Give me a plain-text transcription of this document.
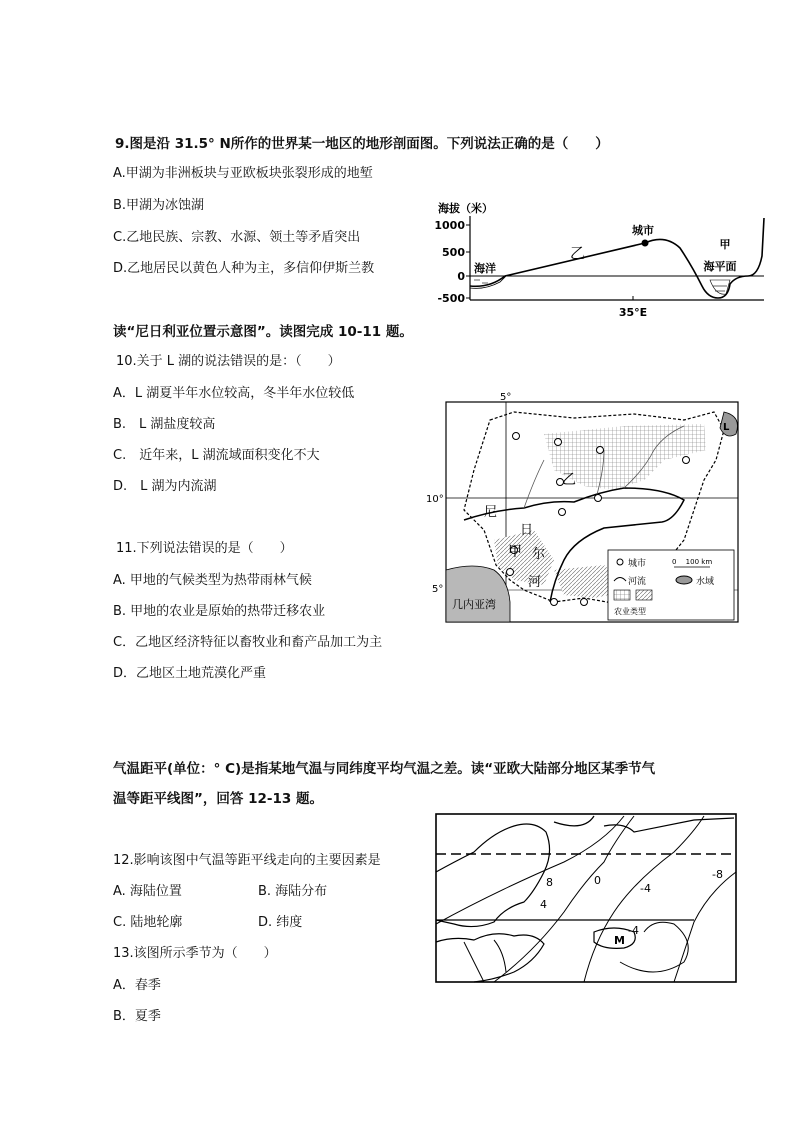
9.图是沿 31.5° N所作的世界某一地区的地形剖面图。下列说法正确的是（　　）
A.甲湖为非洲板块与亚欧板块张裂形成的地堑
B.甲湖为冰蚀湖
C.乙地民族、宗教、水源、领土等矛盾突出
D.乙地居民以黄色人种为主，多信仰伊斯兰教
海拔（米）
1000
500
0
-500
城市
乙
海洋
甲
海平面
35°E
读“尼日利亚位置示意图”。读图完成 10-11 题。
10.关于 L 湖的说法错误的是：（　　）
A．L 湖夏半年水位较高，冬半年水位较低
B.　L 湖盐度较高
C.　近年来，L 湖流域面积变化不大
D.　L 湖为内流湖
11.下列说法错误的是（　　）
A. 甲地的气候类型为热带雨林气候
B. 甲地的农业是原始的热带迁移农业
C．乙地区经济特征以畜牧业和畜产品加工为主
D．乙地区土地荒漠化严重
5°
10°
5°
几内亚湾
L
乙
尼
日
甲 尔
河
城市	0　 100 km
河流	水域
农业类型
气温距平(单位：° C)是指某地气温与同纬度平均气温之差。读“亚欧大陆部分地区某季节气
温等距平线图”，回答 12-13 题。
12.影响该图中气温等距平线走向的主要因素是
A. 海陆位置	B. 海陆分布
C. 陆地轮廓	D. 纬度
13.该图所示季节为（　　）
A．春季
B．夏季
8
4
0
-4
-8
-4
M
